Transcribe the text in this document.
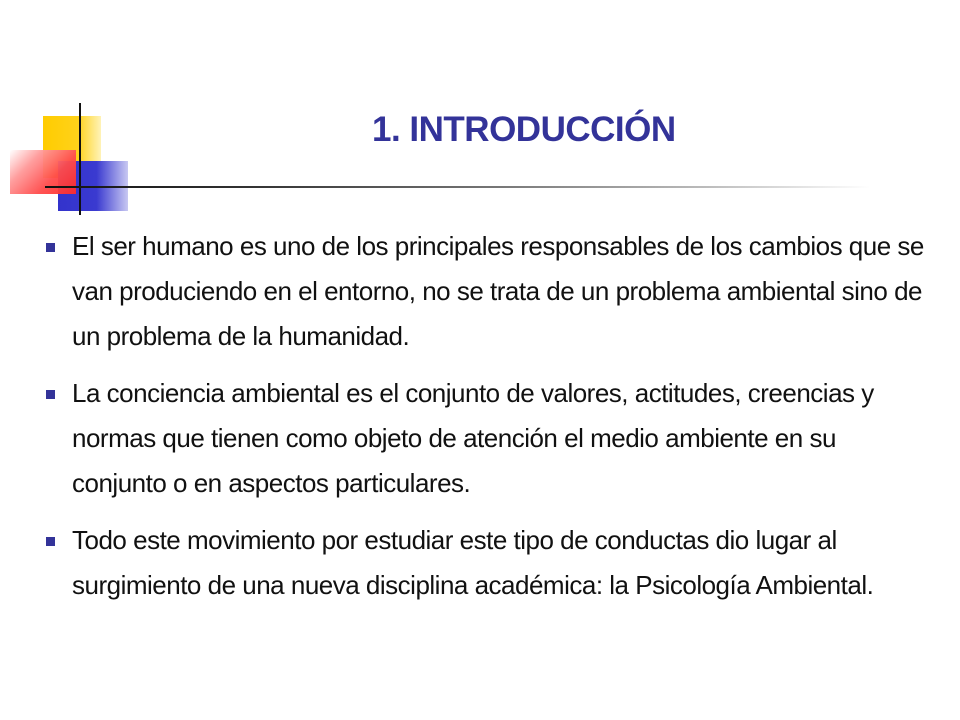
1. INTRODUCCIÓN
El ser humano es uno de los principales responsables de los cambios que se van produciendo en el entorno, no se trata de un problema ambiental sino de un problema de la humanidad.
La conciencia ambiental es el conjunto de valores, actitudes, creencias y normas que tienen como objeto de atención el medio ambiente en su conjunto o en aspectos particulares.
Todo este movimiento por estudiar este tipo de conductas dio lugar al surgimiento de una nueva disciplina académica: la Psicología Ambiental.
